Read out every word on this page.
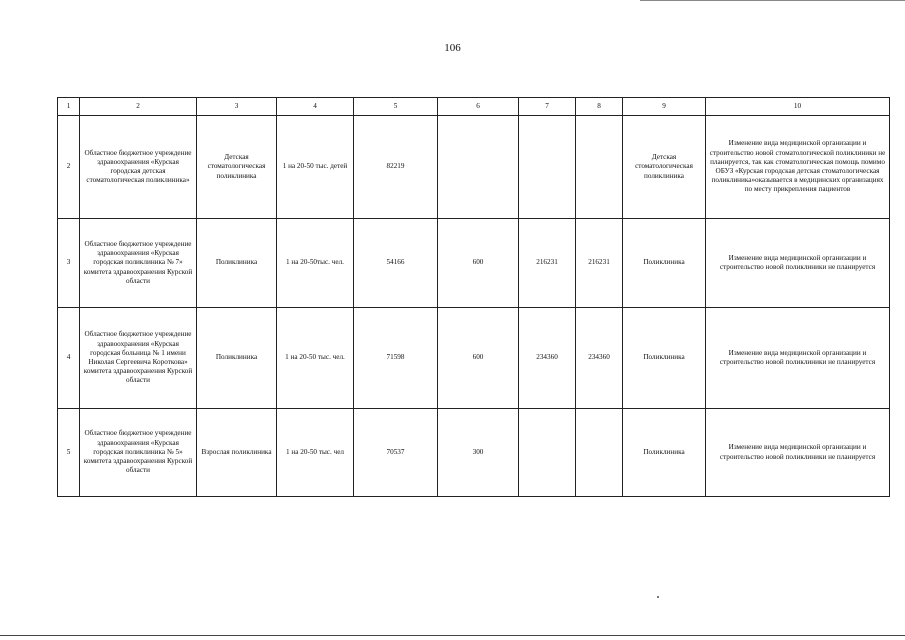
106
1	2	3	4	5	6	7	8	9	10
2	Областное бюджетное учреждение здравоохранения «Курская городская детская стоматологическая поликлиника»	Детская стоматологическая поликлиника	1 на 20-50 тыс. детей	82219				Детская стоматологическая поликлиника	Изменение вида медицинской организации и строительство новой стоматологической поликлиники не планируется, так как стоматологическая помощь помимо ОБУЗ «Курская городская детская стоматологическая поликлиника»оказывается в медицинских организациях по месту прикрепления пациентов
3	Областное бюджетное учреждение здравоохранения «Курская городская поликлиника № 7» комитета здравоохранения Курской области	Поликлиника	1 на 20-50тыс. чел.	54166	600	216231	216231	Поликлиника	Изменение вида медицинской организации и строительство новой поликлиники не планируется
4	Областное бюджетное учреждение здравоохранения «Курская городская больница № 1 имени Николая Сергеевича Короткова» комитета здравоохранения Курской области	Поликлиника	1 на 20-50 тыс. чел.	71598	600	234360	234360	Поликлиника	Изменение вида медицинской организации и строительство новой поликлиники не планируется
5	Областное бюджетное учреждение здравоохранения «Курская городская поликлиника № 5» комитета здравоохранения Курской области	Взрослая поликлиника	1 на 20-50 тыс. чел	70537	300			Поликлиника	Изменение вида медицинской организации и строительство новой поликлиники не планируется
